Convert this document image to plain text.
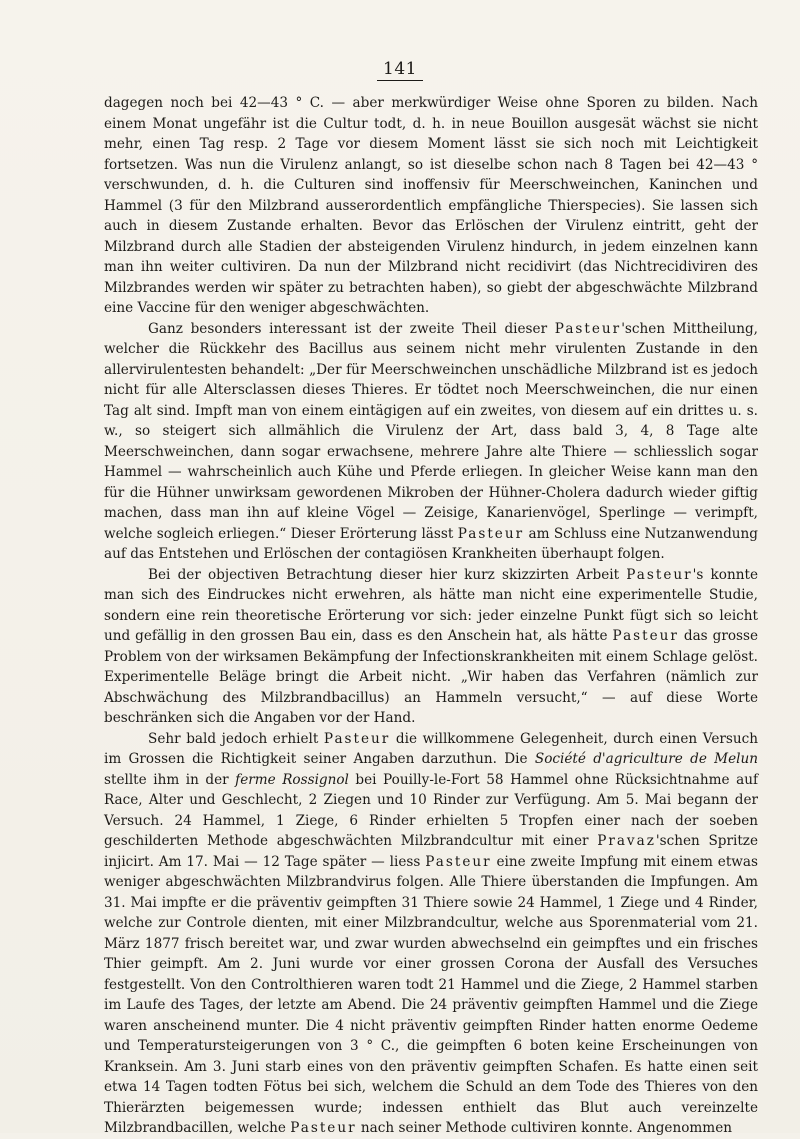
141

dagegen noch bei 42—43 ° C. — aber merkwürdiger Weise ohne Sporen zu bilden. Nach einem Monat ungefähr ist die Cultur todt, d. h. in neue Bouillon ausgesät wächst sie nicht mehr, einen Tag resp. 2 Tage vor diesem Moment lässt sie sich noch mit Leichtigkeit fortsetzen. Was nun die Virulenz anlangt, so ist dieselbe schon nach 8 Tagen bei 42—43 ° verschwunden, d. h. die Culturen sind inoffensiv für Meerschweinchen, Kaninchen und Hammel (3 für den Milzbrand ausserordentlich empfängliche Thierspecies). Sie lassen sich auch in diesem Zustande erhalten. Bevor das Erlöschen der Virulenz eintritt, geht der Milzbrand durch alle Stadien der absteigenden Virulenz hindurch, in jedem einzelnen kann man ihn weiter cultiviren. Da nun der Milzbrand nicht recidivirt (das Nichtrecidiviren des Milzbrandes werden wir später zu betrachten haben), so giebt der abgeschwächte Milzbrand eine Vaccine für den weniger abgeschwächten.

Ganz besonders interessant ist der zweite Theil dieser Pasteur'schen Mittheilung, welcher die Rückkehr des Bacillus aus seinem nicht mehr virulenten Zustande in den allervirulentesten behandelt: „Der für Meerschweinchen unschädliche Milzbrand ist es jedoch nicht für alle Altersclassen dieses Thieres. Er tödtet noch Meerschweinchen, die nur einen Tag alt sind. Impft man von einem eintägigen auf ein zweites, von diesem auf ein drittes u. s. w., so steigert sich allmählich die Virulenz der Art, dass bald 3, 4, 8 Tage alte Meerschweinchen, dann sogar erwachsene, mehrere Jahre alte Thiere — schliesslich sogar Hammel — wahrscheinlich auch Kühe und Pferde erliegen. In gleicher Weise kann man den für die Hühner unwirksam gewordenen Mikroben der Hühner-Cholera dadurch wieder giftig machen, dass man ihn auf kleine Vögel — Zeisige, Kanarienvögel, Sperlinge — verimpft, welche sogleich erliegen.“ Dieser Erörterung lässt Pasteur am Schluss eine Nutzanwendung auf das Entstehen und Erlöschen der contagiösen Krankheiten überhaupt folgen.

Bei der objectiven Betrachtung dieser hier kurz skizzirten Arbeit Pasteur's konnte man sich des Eindruckes nicht erwehren, als hätte man nicht eine experimentelle Studie, sondern eine rein theoretische Erörterung vor sich: jeder einzelne Punkt fügt sich so leicht und gefällig in den grossen Bau ein, dass es den Anschein hat, als hätte Pasteur das grosse Problem von der wirksamen Bekämpfung der Infectionskrankheiten mit einem Schlage gelöst. Experimentelle Beläge bringt die Arbeit nicht. „Wir haben das Verfahren (nämlich zur Abschwächung des Milzbrandbacillus) an Hammeln versucht,“ — auf diese Worte beschränken sich die Angaben vor der Hand.

Sehr bald jedoch erhielt Pasteur die willkommene Gelegenheit, durch einen Versuch im Grossen die Richtigkeit seiner Angaben darzuthun. Die Société d'agriculture de Melun stellte ihm in der ferme Rossignol bei Pouilly-le-Fort 58 Hammel ohne Rücksichtnahme auf Race, Alter und Geschlecht, 2 Ziegen und 10 Rinder zur Verfügung. Am 5. Mai begann der Versuch. 24 Hammel, 1 Ziege, 6 Rinder erhielten 5 Tropfen einer nach der soeben geschilderten Methode abgeschwächten Milzbrandcultur mit einer Pravaz'schen Spritze injicirt. Am 17. Mai — 12 Tage später — liess Pasteur eine zweite Impfung mit einem etwas weniger abgeschwächten Milzbrandvirus folgen. Alle Thiere überstanden die Impfungen. Am 31. Mai impfte er die präventiv geimpften 31 Thiere sowie 24 Hammel, 1 Ziege und 4 Rinder, welche zur Controle dienten, mit einer Milzbrandcultur, welche aus Sporenmaterial vom 21. März 1877 frisch bereitet war, und zwar wurden abwechselnd ein geimpftes und ein frisches Thier geimpft. Am 2. Juni wurde vor einer grossen Corona der Ausfall des Versuches festgestellt. Von den Controlthieren waren todt 21 Hammel und die Ziege, 2 Hammel starben im Laufe des Tages, der letzte am Abend. Die 24 präventiv geimpften Hammel und die Ziege waren anscheinend munter. Die 4 nicht präventiv geimpften Rinder hatten enorme Oedeme und Temperatursteigerungen von 3 ° C., die geimpften 6 boten keine Erscheinungen von Kranksein. Am 3. Juni starb eines von den präventiv geimpften Schafen. Es hatte einen seit etwa 14 Tagen todten Fötus bei sich, welchem die Schuld an dem Tode des Thieres von den Thierärzten beigemessen wurde; indessen enthielt das Blut auch vereinzelte Milzbrandbacillen, welche Pasteur nach seiner Methode cultiviren konnte. Angenommen
